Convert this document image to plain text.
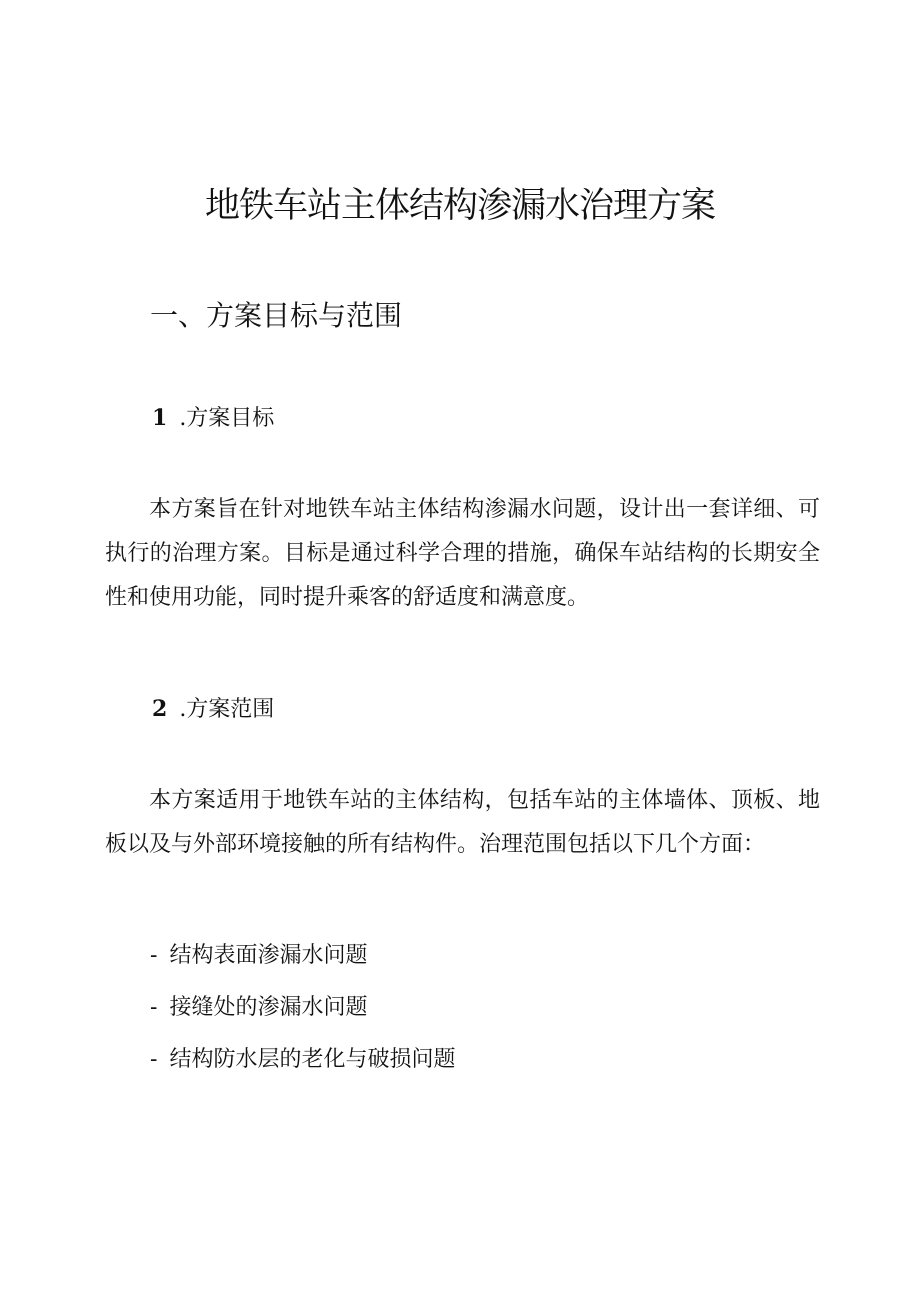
地铁车站主体结构渗漏水治理方案
一、方案目标与范围
1 .方案目标

本方案旨在针对地铁车站主体结构渗漏水问题，设计出一套详细、可执行的治理方案。目标是通过科学合理的措施，确保车站结构的长期安全性和使用功能，同时提升乘客的舒适度和满意度。

2 .方案范围

本方案适用于地铁车站的主体结构，包括车站的主体墙体、顶板、地板以及与外部环境接触的所有结构件。治理范围包括以下几个方面：

- 结构表面渗漏水问题
- 接缝处的渗漏水问题
- 结构防水层的老化与破损问题
